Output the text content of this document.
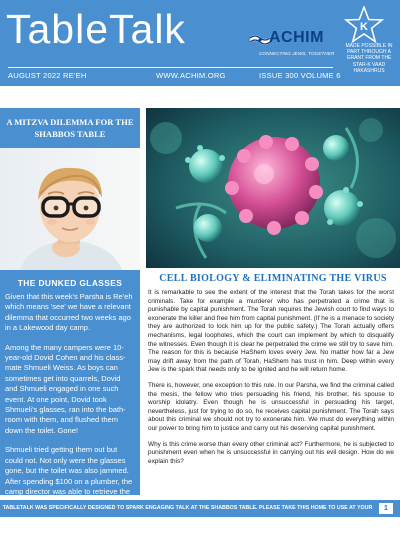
TableTalk	ACHIM
CONNECTING JEWS, TOGETHER
K
MADE POSSIBLE IN PART THROUGH A GRANT FROM THE STAR-K VAAD HAKASHRUS
AUGUST 2022 RE'EH	WWW.ACHIM.ORG	ISSUE 300 VOLUME 6
A MITZVA DILEMMA FOR THE
SHABBOS TABLE
THE DUNKED GLASSES

Given that this week's Parsha is Re'eh which means 'see' we have a relevant dilemma that occurred two weeks ago in a Lakewood day camp.

Among the many campers were 10-year-old Dovid Cohen and his class-mate Shmueli Weiss. As boys can sometimes get into quarrels, Dovid and Shmueli engaged in one such event. At one point, Dovid took Shmueli's glasses, ran into the bath-room with them, and flushed them down the toilet. Gone!

Shmueli tried getting them out but could not. Not only were the glasses gone, but the toilet was also jammed. After spending $100 on a plumber, the camp director was able to retrieve the

CELL BIOLOGY & ELIMINATING THE VIRUS

It is remarkable to see the extent of the interest that the Torah takes for the worst criminals. Take for example a murderer who has perpetrated a crime that is punishable by capital punishment. The Torah requires the Jewish court to find ways to exonerate the killer and free him from capital punishment. (If he is a menace to society they are authorized to lock him up for the public safety.) The Torah actually offers mechanisms, legal loopholes, which the court can implement by which to disqualify the witnesses. Even though it is clear he perpetrated the crime we still try to save him. The reason for this is because HaShem loves every Jew. No matter how far a Jew may drift away from the path of Torah, HaShem has trust in him. Deep within every Jew is the spark that needs only to be ignited and he will return home.

There is, however, one exception to this rule. In our Parsha, we find the criminal called the mesis, the fellow who tries persuading his friend, his brother, his spouse to worship idolatry. Even though he is unsuccessful in persuading his target, nevertheless, just for trying to do so, he receives capital punishment. The Torah says about this criminal we should not try to exonerate him. We must do everything within our power to bring him to justice and carry out his deserving capital punishment.

Why is this crime worse than every other criminal act? Furthermore, he is subjected to punishment even when he is unsuccessful in carrying out his evil design. How do we explain this?

TABLETALK WAS SPECIFICALLY DESIGNED TO SPARK ENGAGING TALK AT THE SHABBOS TABLE. PLEASE TAKE THIS HOME TO USE AT YOUR TABLE.
1
